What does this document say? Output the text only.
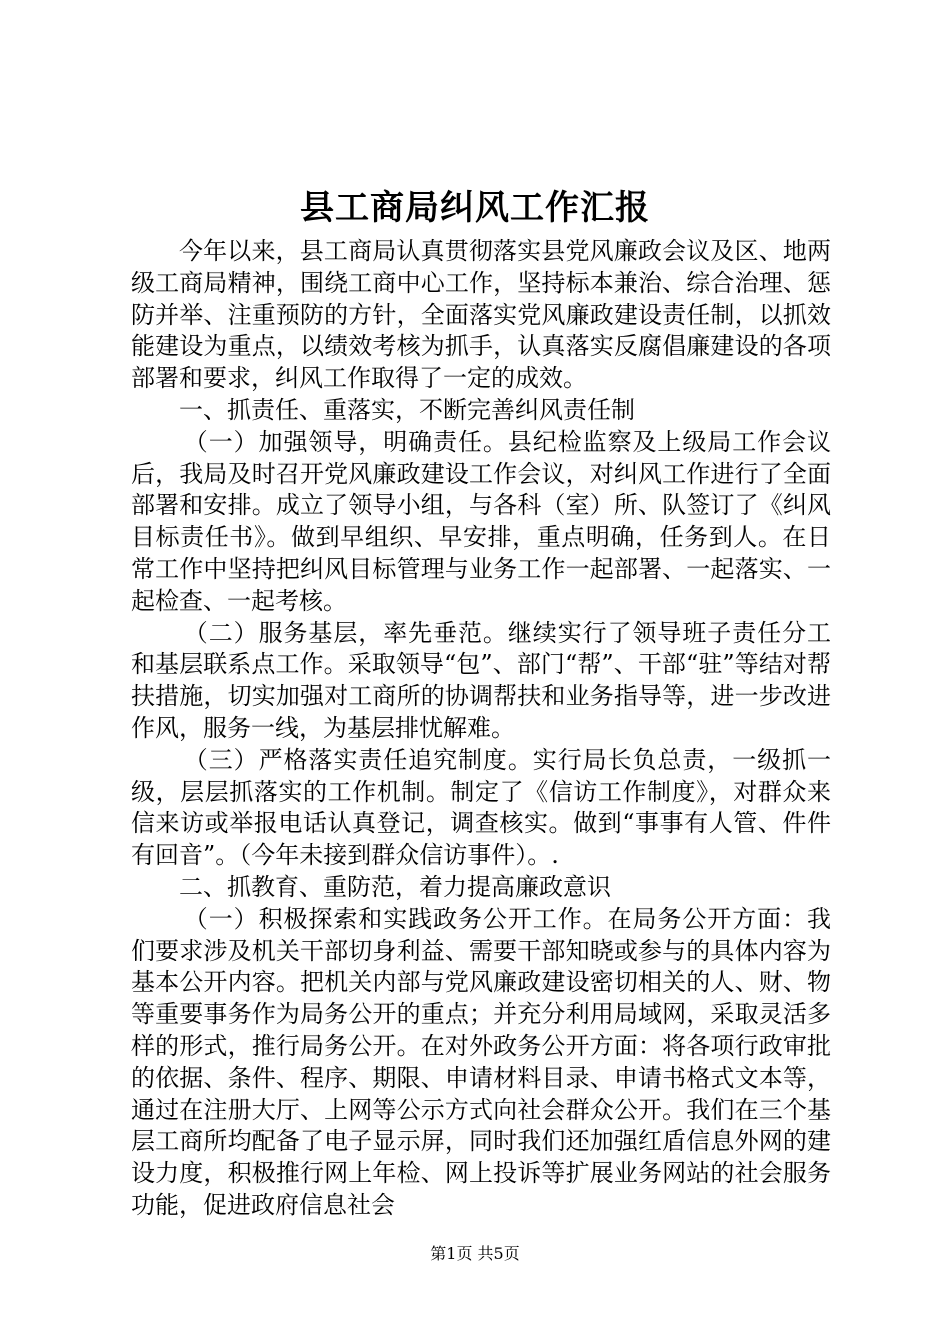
县工商局纠风工作汇报

今年以来，县工商局认真贯彻落实县党风廉政会议及区、地两级工商局精神，围绕工商中心工作，坚持标本兼治、综合治理、惩防并举、注重预防的方针，全面落实党风廉政建设责任制，以抓效能建设为重点，以绩效考核为抓手，认真落实反腐倡廉建设的各项部署和要求，纠风工作取得了一定的成效。

一、抓责任、重落实，不断完善纠风责任制

（一）加强领导，明确责任。县纪检监察及上级局工作会议后，我局及时召开党风廉政建设工作会议，对纠风工作进行了全面部署和安排。成立了领导小组，与各科（室）所、队签订了《纠风目标责任书》。做到早组织、早安排，重点明确，任务到人。在日常工作中坚持把纠风目标管理与业务工作一起部署、一起落实、一起检查、一起考核。

（二）服务基层，率先垂范。继续实行了领导班子责任分工和基层联系点工作。采取领导“包”、部门“帮”、干部“驻”等结对帮扶措施，切实加强对工商所的协调帮扶和业务指导等，进一步改进作风，服务一线，为基层排忧解难。

（三）严格落实责任追究制度。实行局长负总责，一级抓一级，层层抓落实的工作机制。制定了《信访工作制度》，对群众来信来访或举报电话认真登记，调查核实。做到“事事有人管、件件有回音”。（今年未接到群众信访事件）。.

二、抓教育、重防范，着力提高廉政意识

（一）积极探索和实践政务公开工作。在局务公开方面：我们要求涉及机关干部切身利益、需要干部知晓或参与的具体内容为基本公开内容。把机关内部与党风廉政建设密切相关的人、财、物等重要事务作为局务公开的重点；并充分利用局域网，采取灵活多样的形式，推行局务公开。在对外政务公开方面：将各项行政审批的依据、条件、程序、期限、申请材料目录、申请书格式文本等，通过在注册大厅、上网等公示方式向社会群众公开。我们在三个基层工商所均配备了电子显示屏，同时我们还加强红盾信息外网的建设力度，积极推行网上年检、网上投诉等扩展业务网站的社会服务功能，促进政府信息社会

第1页 共5页
